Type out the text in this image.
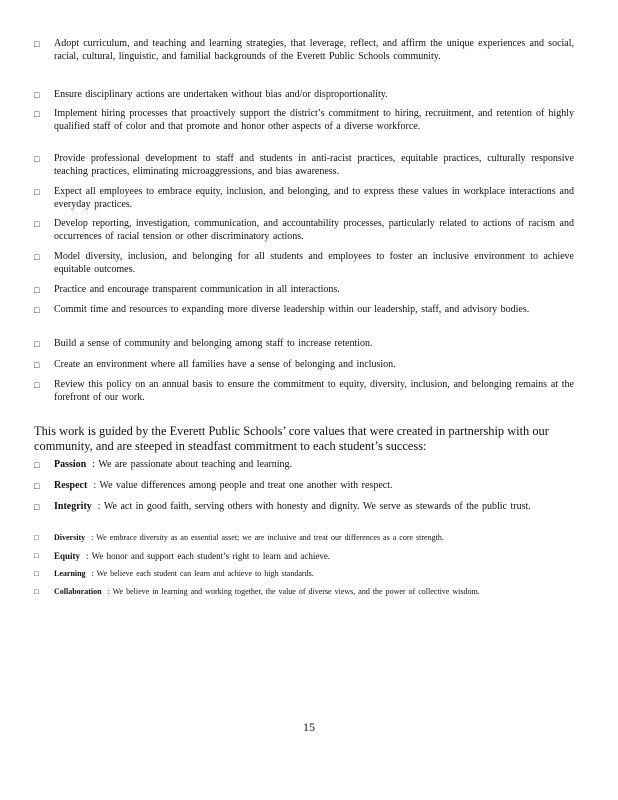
□	Adopt curriculum, and teaching and learning strategies, that leverage, reflect, and affirm the unique experiences and social, racial, cultural, linguistic, and familial backgrounds of the Everett Public Schools community.
□	Ensure disciplinary actions are undertaken without bias and/or disproportionality.
□	Implement hiring processes that proactively support the district’s commitment to hiring, recruitment, and retention of highly qualified staff of color and that promote and honor other aspects of a diverse workforce.
□	Provide professional development to staff and students in anti-racist practices, equitable practices, culturally responsive teaching practices, eliminating microaggressions, and bias awareness.
□	Expect all employees to embrace equity, inclusion, and belonging, and to express these values in workplace interactions and everyday practices.
□	Develop reporting, investigation, communication, and accountability processes, particularly related to actions of racism and occurrences of racial tension or other discriminatory actions.
□	Model diversity, inclusion, and belonging for all students and employees to foster an inclusive environment to achieve equitable outcomes.
□	Practice and encourage transparent communication in all interactions.
□	Commit time and resources to expanding more diverse leadership within our leadership, staff, and advisory bodies.
□	Build a sense of community and belonging among staff to increase retention.
□	Create an environment where all families have a sense of belonging and inclusion.
□	Review this policy on an annual basis to ensure the commitment to equity, diversity, inclusion, and belonging remains at the forefront of our work.
This work is guided by the Everett Public Schools’ core values that were created in partnership with our community, and are steeped in steadfast commitment to each student’s success:
□	Passion : We are passionate about teaching and learning.
□	Respect : We value differences among people and treat one another with respect.
□	Integrity : We act in good faith, serving others with honesty and dignity. We serve as stewards of the public trust.
□	Diversity : We embrace diversity as an essential asset; we are inclusive and treat our differences as a core strength.
□	Equity : We honor and support each student’s right to learn and achieve.
□	Learning : We believe each student can learn and achieve to high standards.
□	Collaboration : We believe in learning and working together, the value of diverse views, and the power of collective wisdom.
15
